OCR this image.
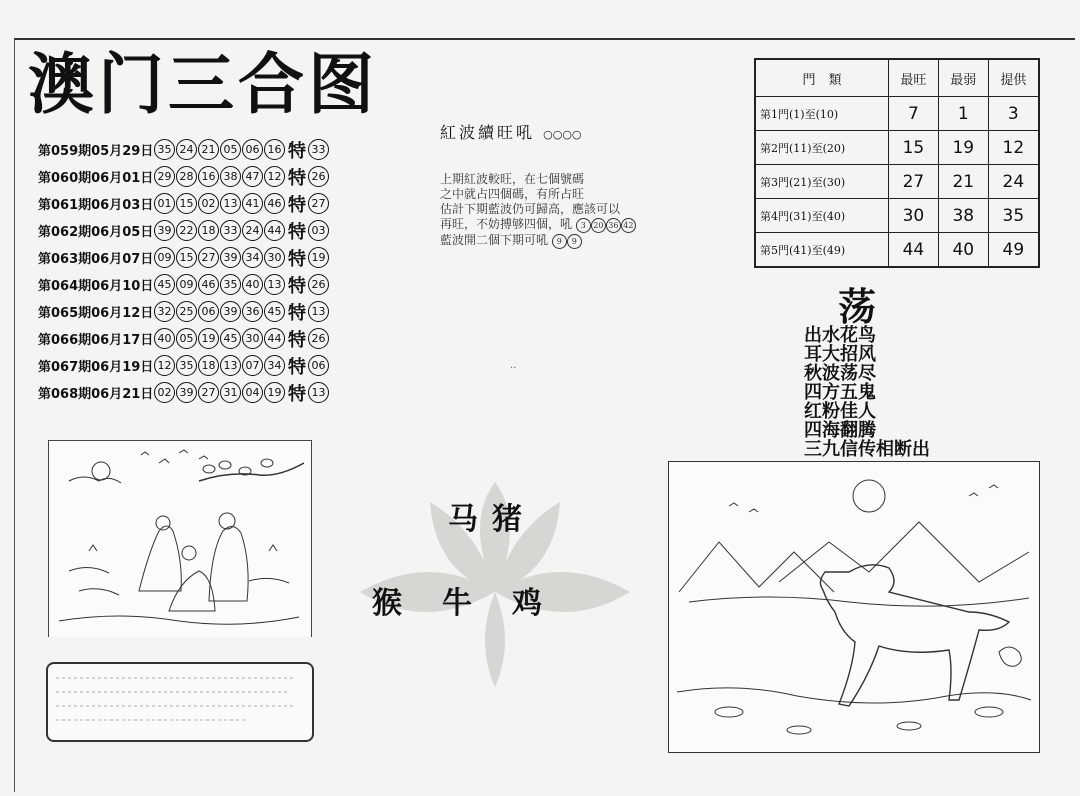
澳门三合图
第059期05月29日 35 24 21 05 06 16 特 33
第060期06月01日 29 28 16 38 47 12 特 26
第061期06月03日 01 15 02 13 41 46 特 27
第062期06月05日 39 22 18 33 24 44 特 03
第063期06月07日 09 15 27 39 34 30 特 19
第064期06月10日 45 09 46 35 40 13 特 26
第065期06月12日 32 25 06 39 36 45 特 13
第066期06月17日 40 05 19 45 30 44 特 26
第067期06月19日 12 35 18 13 07 34 特 06
第068期06月21日 02 39 27 31 04 19 特 13
紅波續旺吼 ○○○○
上期紅波較旺，在七個號碼
之中就占四個碼，有所占旺
估計下期藍波仍可歸高，應該可以
再旺，不妨搏够四個，吼 3 20 36 42
藍波開二個下期可吼 9 9
..
門　類	最旺	最弱	提供
第1門(1)至(10)	7	1	3
第2門(11)至(20)	15	19	12
第3門(21)至(30)	27	21	24
第4門(31)至(40)	30	38	35
第5門(41)至(49)	44	40	49
荡
出水花鸟
耳大招风
秋波荡尽
四方五鬼
红粉佳人
四海翻腾
三九信传相断出
马猪
猴牛鸡
